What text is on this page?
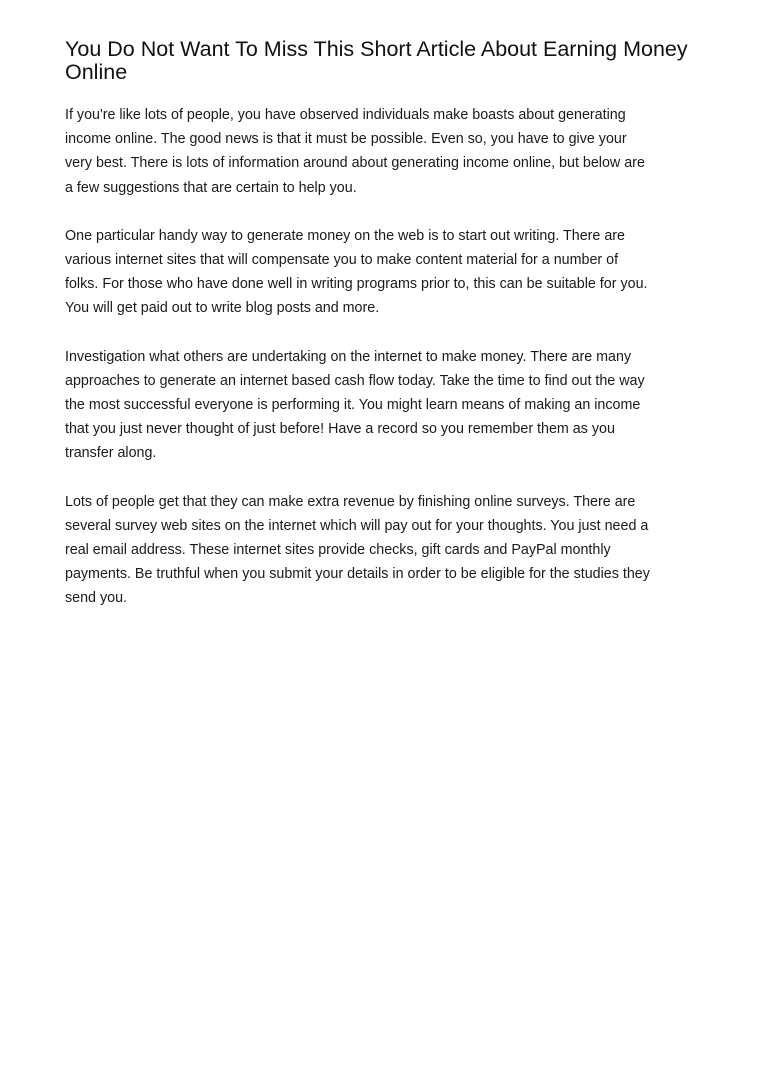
You Do Not Want To Miss This Short Article About Earning Money Online
If you're like lots of people, you have observed individuals make boasts about generating
income online. The good news is that it must be possible. Even so, you have to give your
very best. There is lots of information around about generating income online, but below are
a few suggestions that are certain to help you.
One particular handy way to generate money on the web is to start out writing. There are
various internet sites that will compensate you to make content material for a number of
folks. For those who have done well in writing programs prior to, this can be suitable for you.
You will get paid out to write blog posts and more.
Investigation what others are undertaking on the internet to make money. There are many
approaches to generate an internet based cash flow today. Take the time to find out the way
the most successful everyone is performing it. You might learn means of making an income
that you just never thought of just before! Have a record so you remember them as you
transfer along.
Lots of people get that they can make extra revenue by finishing online surveys. There are
several survey web sites on the internet which will pay out for your thoughts. You just need a
real email address. These internet sites provide checks, gift cards and PayPal monthly
payments. Be truthful when you submit your details in order to be eligible for the studies they
send you.
